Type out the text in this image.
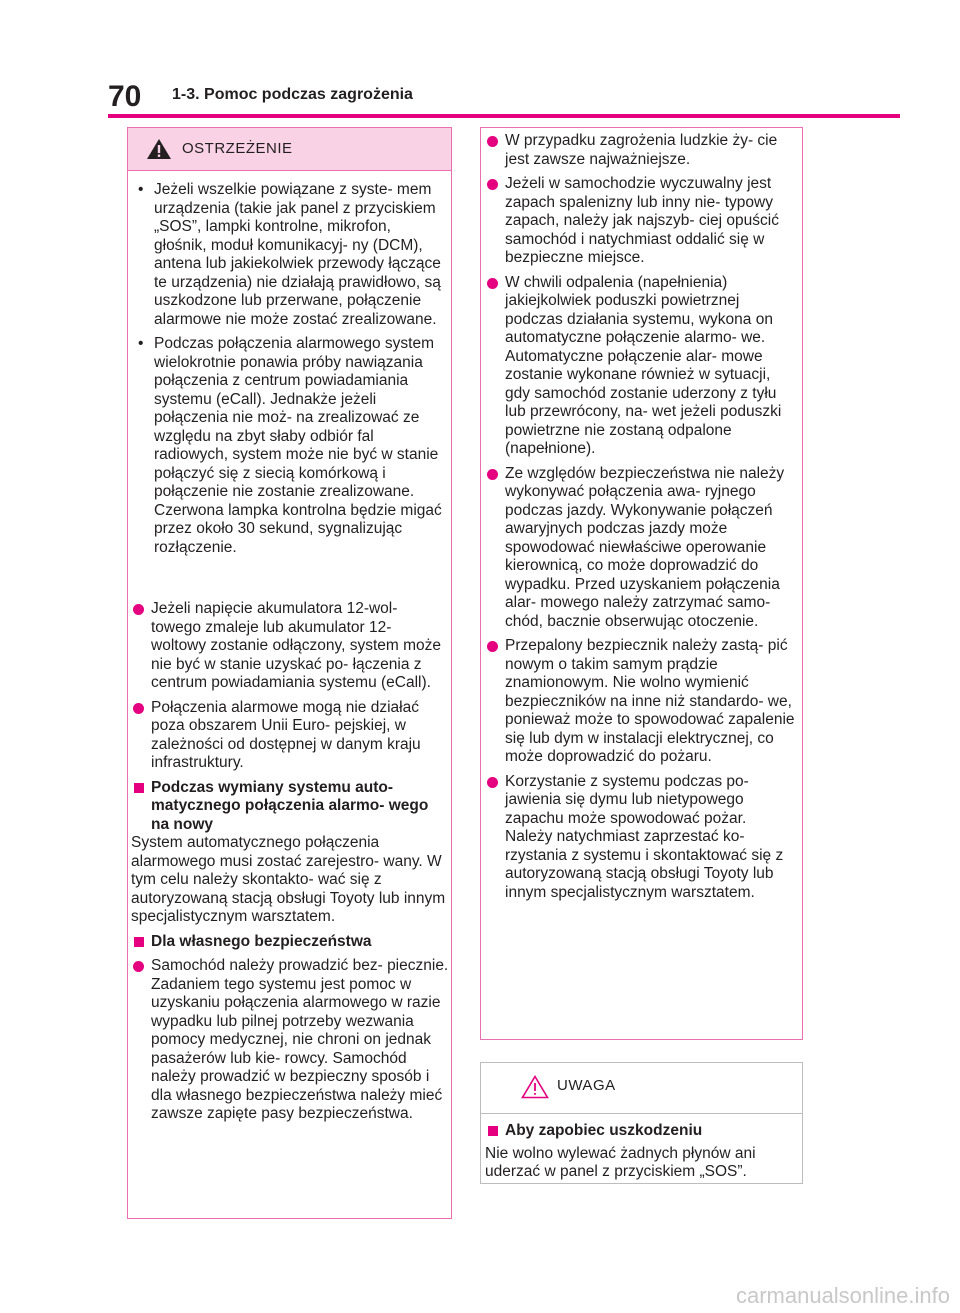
70 1-3. Pomoc podczas zagrożenia
OSTRZEŻENIE

• Jeżeli wszelkie powiązane z syste- mem urządzenia (takie jak panel z przyciskiem „SOS”, lampki kontrolne, mikrofon, głośnik, moduł komunikacyj- ny (DCM), antena lub jakiekolwiek przewody łączące te urządzenia) nie działają prawidłowo, są uszkodzone lub przerwane, połączenie alarmowe nie może zostać zrealizowane.

• Podczas połączenia alarmowego system wielokrotnie ponawia próby nawiązania połączenia z centrum powiadamiania systemu (eCall). Jednakże jeżeli połączenia nie moż- na zrealizować ze względu na zbyt słaby odbiór fal radiowych, system może nie być w stanie połączyć się z siecią komórkową i połączenie nie zostanie zrealizowane. Czerwona lampka kontrolna będzie migać przez około 30 sekund, sygnalizując rozłączenie.

Jeżeli napięcie akumulatora 12-wol- towego zmaleje lub akumulator 12- woltowy zostanie odłączony, system może nie być w stanie uzyskać po- łączenia z centrum powiadamiania systemu (eCall).

Połączenia alarmowe mogą nie działać poza obszarem Unii Euro- pejskiej, w zależności od dostępnej w danym kraju infrastruktury.

Podczas wymiany systemu auto- matycznego połączenia alarmo- wego na nowy

System automatycznego połączenia alarmowego musi zostać zarejestro- wany. W tym celu należy skontakto- wać się z autoryzowaną stacją obsługi Toyoty lub innym specjalistycznym warsztatem.

Dla własnego bezpieczeństwa

Samochód należy prowadzić bez- piecznie. Zadaniem tego systemu jest pomoc w uzyskaniu połączenia alarmowego w razie wypadku lub pilnej potrzeby wezwania pomocy medycznej, nie chroni on jednak pasażerów lub kie- rowcy. Samochód należy prowadzić w bezpieczny sposób i dla własnego bezpieczeństwa należy mieć zawsze zapięte pasy bezpieczeństwa.

W przypadku zagrożenia ludzkie ży- cie jest zawsze najważniejsze.

Jeżeli w samochodzie wyczuwalny jest zapach spalenizny lub inny nie- typowy zapach, należy jak najszyb- ciej opuścić samochód i natychmiast oddalić się w bezpieczne miejsce.

W chwili odpalenia (napełnienia) jakiejkolwiek poduszki powietrznej podczas działania systemu, wykona on automatyczne połączenie alarmo- we. Automatyczne połączenie alar- mowe zostanie wykonane również w sytuacji, gdy samochód zostanie uderzony z tyłu lub przewrócony, na- wet jeżeli poduszki powietrzne nie zostaną odpalone (napełnione).

Ze względów bezpieczeństwa nie należy wykonywać połączenia awa- ryjnego podczas jazdy. Wykonywanie połączeń awaryjnych podczas jazdy może spowodować niewłaściwe operowanie kierownicą, co może doprowadzić do wypadku. Przed uzyskaniem połączenia alar- mowego należy zatrzymać samo- chód, bacznie obserwując otoczenie.

Przepalony bezpiecznik należy zastą- pić nowym o takim samym prądzie znamionowym. Nie wolno wymienić bezpieczników na inne niż standardo- we, ponieważ może to spowodować zapalenie się lub dym w instalacji elektrycznej, co może doprowadzić do pożaru.

Korzystanie z systemu podczas po- jawienia się dymu lub nietypowego zapachu może spowodować pożar. Należy natychmiast zaprzestać ko- rzystania z systemu i skontaktować się z autoryzowaną stacją obsługi Toyoty lub innym specjalistycznym warsztatem.

UWAGA

Aby zapobiec uszkodzeniu

Nie wolno wylewać żadnych płynów ani uderzać w panel z przyciskiem „SOS”.

carmanualsonline.info
